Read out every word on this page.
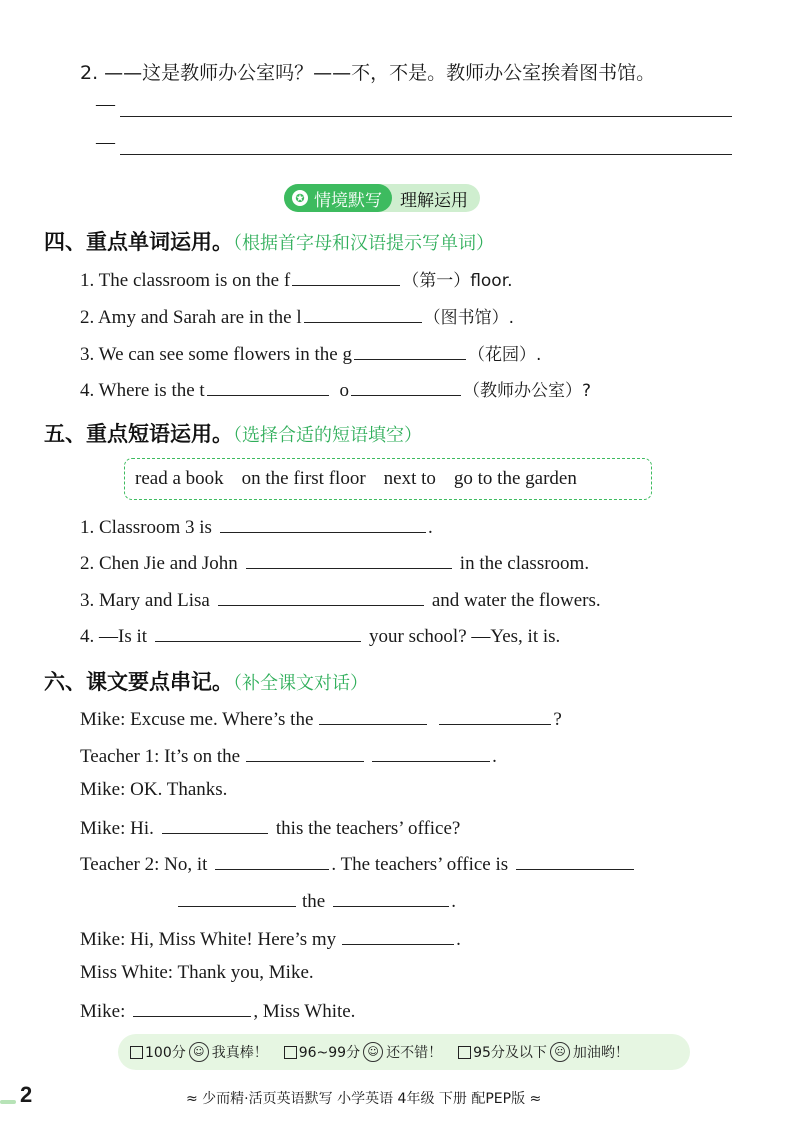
2. ——这是教师办公室吗？——不，不是。教师办公室挨着图书馆。
—
—
✪ 情境默写	理解运用
四、重点单词运用。（根据首字母和汉语提示写单词）
1. The classroom is on the f	（第一）floor.
2. Amy and Sarah are in the l	（图书馆）.
3. We can see some flowers in the g	（花园）.
4. Where is the t	o	（教师办公室）?
五、重点短语运用。（选择合适的短语填空）
read a book on the first floor next to go to the garden
1. Classroom 3 is	.
2. Chen Jie and John	in the classroom.
3. Mary and Lisa	and water the flowers.
4. —Is it	your school? —Yes, it is.
六、课文要点串记。（补全课文对话）
Mike: Excuse me. Where’s the	?
Teacher 1: It’s on the	.
Mike: OK. Thanks.
Mike: Hi.	this the teachers’ office?
Teacher 2: No, it	. The teachers’ office is
the	.
Mike: Hi, Miss White! Here’s my	.
Miss White: Thank you, Mike.
Mike:	, Miss White.
100分 ☺ 我真棒！ 96~99分 ☺ 还不错！ 95分及以下 ☹ 加油哟！
2	≈ 少而精·活页英语默写 小学英语 4年级 下册 配PEP版 ≈
